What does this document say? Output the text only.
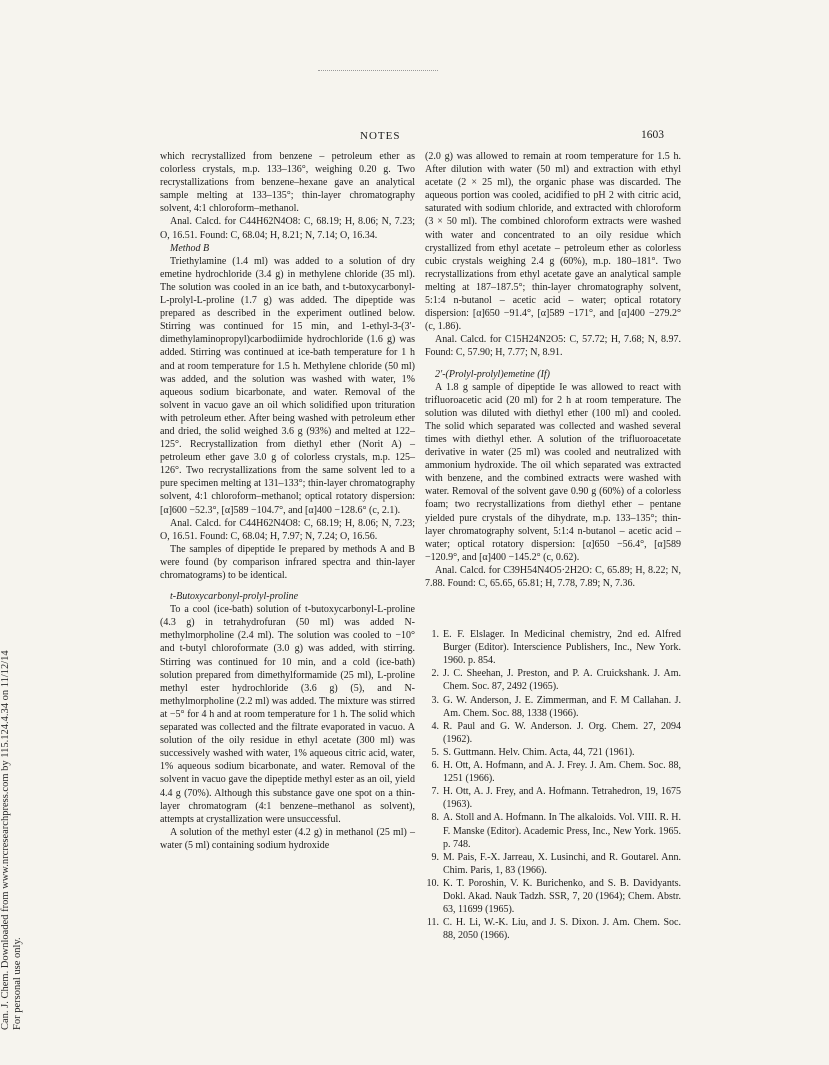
NOTES	1603
Can. J. Chem. Downloaded from www.nrcresearchpress.com by 115.124.4.34 on 11/12/14 For personal use only.

which recrystallized from benzene – petroleum ether as colorless crystals, m.p. 133–136°, weighing 0.20 g. Two recrystallizations from benzene–hexane gave an analytical sample melting at 133–135°; thin-layer chromatography solvent, 4:1 chloroform–methanol.

Anal. Calcd. for C44H62N4O8: C, 68.19; H, 8.06; N, 7.23; O, 16.51. Found: C, 68.04; H, 8.21; N, 7.14; O, 16.34.

Method B

Triethylamine (1.4 ml) was added to a solution of dry emetine hydrochloride (3.4 g) in methylene chloride (35 ml). The solution was cooled in an ice bath, and t-butoxycarbonyl-L-prolyl-L-proline (1.7 g) was added. The dipeptide was prepared as described in the experiment outlined below. Stirring was continued for 15 min, and 1-ethyl-3-(3′-dimethylaminopropyl)carbodiimide hydrochloride (1.6 g) was added. Stirring was continued at ice-bath temperature for 1 h and at room temperature for 1.5 h. Methylene chloride (50 ml) was added, and the solution was washed with water, 1% aqueous sodium bicarbonate, and water. Removal of the solvent in vacuo gave an oil which solidified upon trituration with petroleum ether. After being washed with petroleum ether and dried, the solid weighed 3.6 g (93%) and melted at 122–125°. Recrystallization from diethyl ether (Norit A) – petroleum ether gave 3.0 g of colorless crystals, m.p. 125–126°. Two recrystallizations from the same solvent led to a pure specimen melting at 131–133°; thin-layer chromatography solvent, 4:1 chloroform–methanol; optical rotatory dispersion: [α]600 −52.3°, [α]589 −104.7°, and [α]400 −128.6° (c, 2.1).

Anal. Calcd. for C44H62N4O8: C, 68.19; H, 8.06; N, 7.23; O, 16.51. Found: C, 68.04; H, 7.97; N, 7.24; O, 16.56.

The samples of dipeptide Ie prepared by methods A and B were found (by comparison infrared spectra and thin-layer chromatograms) to be identical.

t-Butoxycarbonyl-prolyl-proline

To a cool (ice-bath) solution of t-butoxycarbonyl-L-proline (4.3 g) in tetrahydrofuran (50 ml) was added N-methylmorpholine (2.4 ml). The solution was cooled to −10° and t-butyl chloroformate (3.0 g) was added, with stirring. Stirring was continued for 10 min, and a cold (ice-bath) solution prepared from dimethylformamide (25 ml), L-proline methyl ester hydrochloride (3.6 g) (5), and N-methylmorpholine (2.2 ml) was added. The mixture was stirred at −5° for 4 h and at room temperature for 1 h. The solid which separated was collected and the filtrate evaporated in vacuo. A solution of the oily residue in ethyl acetate (300 ml) was successively washed with water, 1% aqueous citric acid, water, 1% aqueous sodium bicarbonate, and water. Removal of the solvent in vacuo gave the dipeptide methyl ester as an oil, yield 4.4 g (70%). Although this substance gave one spot on a thin-layer chromatogram (4:1 benzene–methanol as solvent), attempts at crystallization were unsuccessful.

A solution of the methyl ester (4.2 g) in methanol (25 ml) – water (5 ml) containing sodium hydroxide

(2.0 g) was allowed to remain at room temperature for 1.5 h. After dilution with water (50 ml) and extraction with ethyl acetate (2 × 25 ml), the organic phase was discarded. The aqueous portion was cooled, acidified to pH 2 with citric acid, saturated with sodium chloride, and extracted with chloroform (3 × 50 ml). The combined chloroform extracts were washed with water and concentrated to an oily residue which crystallized from ethyl acetate – petroleum ether as colorless cubic crystals weighing 2.4 g (60%), m.p. 180–181°. Two recrystallizations from ethyl acetate gave an analytical sample melting at 187–187.5°; thin-layer chromatography solvent, 5:1:4 n-butanol – acetic acid – water; optical rotatory dispersion: [α]650 −91.4°, [α]589 −171°, and [α]400 −279.2° (c, 1.86).

Anal. Calcd. for C15H24N2O5: C, 57.72; H, 7.68; N, 8.97. Found: C, 57.90; H, 7.77; N, 8.91.

2′-(Prolyl-prolyl)emetine (If)

A 1.8 g sample of dipeptide Ie was allowed to react with trifluoroacetic acid (20 ml) for 2 h at room temperature. The solution was diluted with diethyl ether (100 ml) and cooled. The solid which separated was collected and washed several times with diethyl ether. A solution of the trifluoroacetate derivative in water (25 ml) was cooled and neutralized with ammonium hydroxide. The oil which separated was extracted with benzene, and the combined extracts were washed with water. Removal of the solvent gave 0.90 g (60%) of a colorless foam; two recrystallizations from diethyl ether – pentane yielded pure crystals of the dihydrate, m.p. 133–135°; thin-layer chromatography solvent, 5:1:4 n-butanol – acetic acid – water; optical rotatory dispersion: [α]650 −56.4°, [α]589 −120.9°, and [α]400 −145.2° (c, 0.62).

Anal. Calcd. for C39H54N4O5·2H2O: C, 65.89; H, 8.22; N, 7.88. Found: C, 65.65, 65.81; H, 7.78, 7.89; N, 7.36.

1. E. F. Elslager. In Medicinal chemistry, 2nd ed. Alfred Burger (Editor). Interscience Publishers, Inc., New York. 1960. p. 854.
2. J. C. Sheehan, J. Preston, and P. A. Cruickshank. J. Am. Chem. Soc. 87, 2492 (1965).
3. G. W. Anderson, J. E. Zimmerman, and F. M Callahan. J. Am. Chem. Soc. 88, 1338 (1966).
4. R. Paul and G. W. Anderson. J. Org. Chem. 27, 2094 (1962).
5. S. Guttmann. Helv. Chim. Acta, 44, 721 (1961).
6. H. Ott, A. Hofmann, and A. J. Frey. J. Am. Chem. Soc. 88, 1251 (1966).
7. H. Ott, A. J. Frey, and A. Hofmann. Tetrahedron, 19, 1675 (1963).
8. A. Stoll and A. Hofmann. In The alkaloids. Vol. VIII. R. H. F. Manske (Editor). Academic Press, Inc., New York. 1965. p. 748.
9. M. Pais, F.-X. Jarreau, X. Lusinchi, and R. Goutarel. Ann. Chim. Paris, 1, 83 (1966).
10. K. T. Poroshin, V. K. Burichenko, and S. B. Davidyants. Dokl. Akad. Nauk Tadzh. SSR, 7, 20 (1964); Chem. Abstr. 63, 11699 (1965).
11. C. H. Li, W.-K. Liu, and J. S. Dixon. J. Am. Chem. Soc. 88, 2050 (1966).
